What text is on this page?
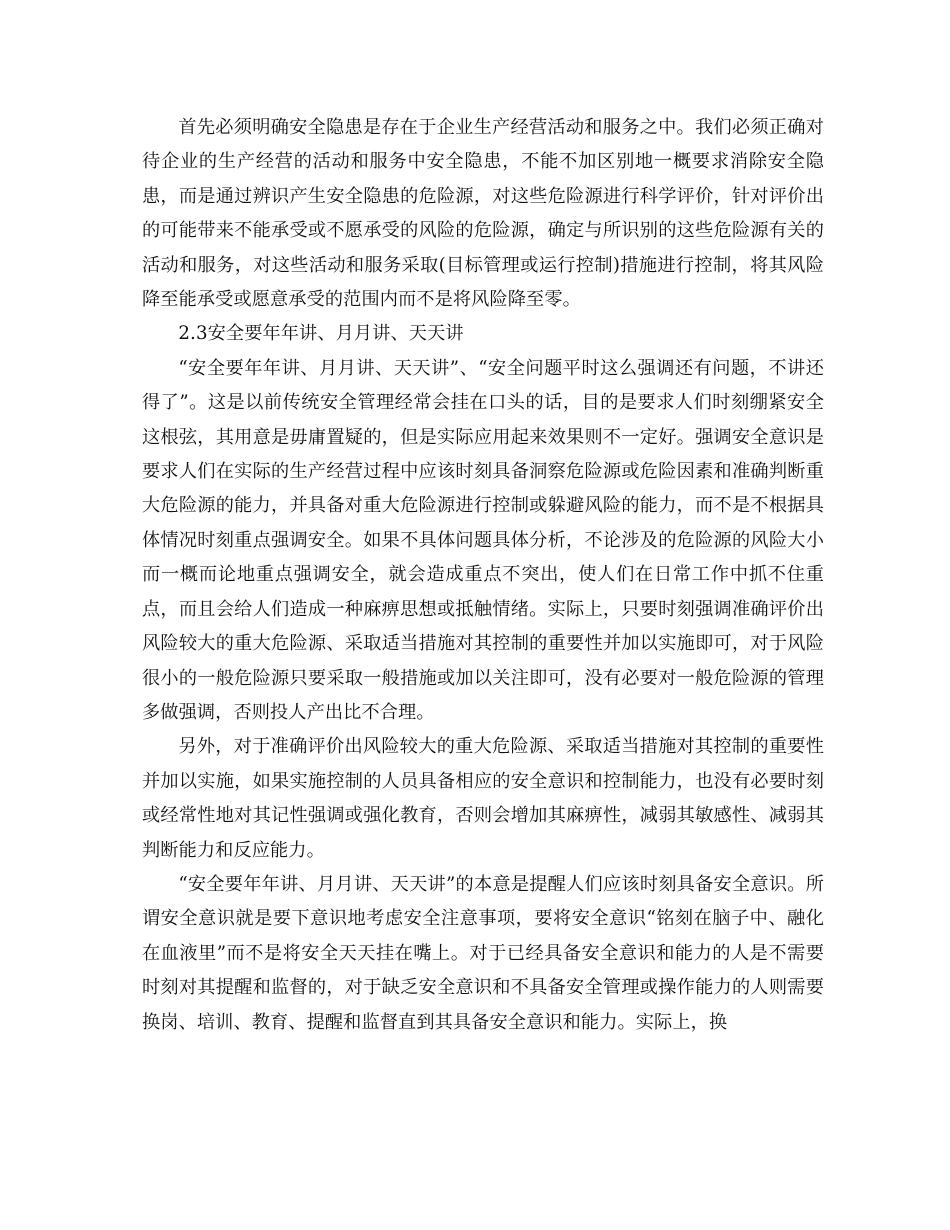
首先必须明确安全隐患是存在于企业生产经营活动和服务之中。我们必须正确对待企业的生产经营的活动和服务中安全隐患，不能不加区别地一概要求消除安全隐患，而是通过辨识产生安全隐患的危险源，对这些危险源进行科学评价，针对评价出的可能带来不能承受或不愿承受的风险的危险源，确定与所识别的这些危险源有关的活动和服务，对这些活动和服务采取(目标管理或运行控制)措施进行控制，将其风险降至能承受或愿意承受的范围内而不是将风险降至零。

2.3安全要年年讲、月月讲、天天讲

“安全要年年讲、月月讲、天天讲”、“安全问题平时这么强调还有问题，不讲还得了”。这是以前传统安全管理经常会挂在口头的话，目的是要求人们时刻绷紧安全这根弦，其用意是毋庸置疑的，但是实际应用起来效果则不一定好。强调安全意识是要求人们在实际的生产经营过程中应该时刻具备洞察危险源或危险因素和准确判断重大危险源的能力，并具备对重大危险源进行控制或躲避风险的能力，而不是不根据具体情况时刻重点强调安全。如果不具体问题具体分析，不论涉及的危险源的风险大小而一概而论地重点强调安全，就会造成重点不突出，使人们在日常工作中抓不住重点，而且会给人们造成一种麻痹思想或抵触情绪。实际上，只要时刻强调准确评价出风险较大的重大危险源、采取适当措施对其控制的重要性并加以实施即可，对于风险很小的一般危险源只要采取一般措施或加以关注即可，没有必要对一般危险源的管理多做强调，否则投人产出比不合理。

另外，对于准确评价出风险较大的重大危险源、采取适当措施对其控制的重要性并加以实施，如果实施控制的人员具备相应的安全意识和控制能力，也没有必要时刻或经常性地对其记性强调或强化教育，否则会增加其麻痹性，减弱其敏感性、减弱其判断能力和反应能力。

“安全要年年讲、月月讲、天天讲”的本意是提醒人们应该时刻具备安全意识。所谓安全意识就是要下意识地考虑安全注意事项，要将安全意识“铭刻在脑子中、融化在血液里”而不是将安全天天挂在嘴上。对于已经具备安全意识和能力的人是不需要时刻对其提醒和监督的，对于缺乏安全意识和不具备安全管理或操作能力的人则需要换岗、培训、教育、提醒和监督直到其具备安全意识和能力。实际上，换
